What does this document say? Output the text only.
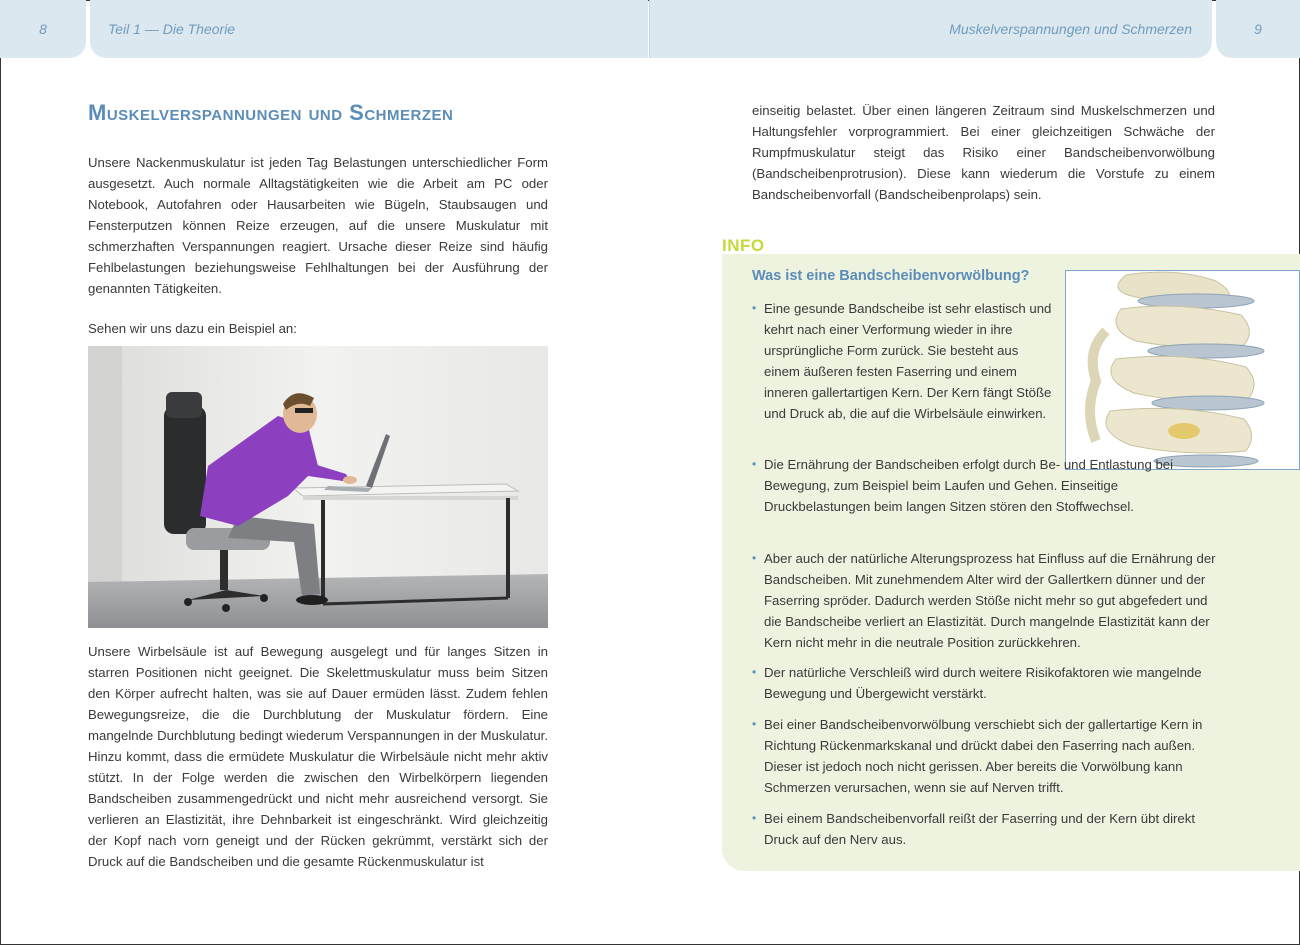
8	Teil 1 — Die Theorie	Muskelverspannungen und Schmerzen	9
Muskelverspannungen und Schmerzen
Unsere Nackenmuskulatur ist jeden Tag Belastungen unterschiedlicher Form ausgesetzt. Auch normale Alltagstätigkeiten wie die Arbeit am PC oder Notebook, Autofahren oder Hausarbeiten wie Bügeln, Staubsaugen und Fensterputzen können Reize erzeugen, auf die unsere Muskulatur mit schmerzhaften Verspannungen reagiert. Ursache dieser Reize sind häufig Fehlbelastungen beziehungsweise Fehlhaltungen bei der Ausführung der genannten Tätigkeiten.
Sehen wir uns dazu ein Beispiel an:
Unsere Wirbelsäule ist auf Bewegung ausgelegt und für langes Sitzen in starren Positionen nicht geeignet. Die Skelettmuskulatur muss beim Sitzen den Körper aufrecht halten, was sie auf Dauer ermüden lässt. Zudem fehlen Bewegungsreize, die die Durchblutung der Muskulatur fördern. Eine mangelnde Durchblutung bedingt wiederum Verspannungen in der Muskulatur. Hinzu kommt, dass die ermüdete Muskulatur die Wirbelsäule nicht mehr aktiv stützt. In der Folge werden die zwischen den Wirbelkörpern liegenden Bandscheiben zusammengedrückt und nicht mehr ausreichend versorgt. Sie verlieren an Elastizität, ihre Dehnbarkeit ist eingeschränkt. Wird gleichzeitig der Kopf nach vorn geneigt und der Rücken gekrümmt, verstärkt sich der Druck auf die Bandscheiben und die gesamte Rückenmuskulatur ist
einseitig belastet. Über einen längeren Zeitraum sind Muskelschmerzen und Haltungsfehler vorprogrammiert. Bei einer gleichzeitigen Schwäche der Rumpfmuskulatur steigt das Risiko einer Bandscheibenvorwölbung (Bandscheibenprotrusion). Diese kann wiederum die Vorstufe zu einem Bandscheibenvorfall (Bandscheibenprolaps) sein.
INFO
Was ist eine Bandscheibenvorwölbung?
• Eine gesunde Bandscheibe ist sehr elastisch und kehrt nach einer Verformung wieder in ihre ursprüngliche Form zurück. Sie besteht aus einem äußeren festen Faserring und einem inneren gallertartigen Kern. Der Kern fängt Stöße und Druck ab, die auf die Wirbelsäule einwirken.
• Die Ernährung der Bandscheiben erfolgt durch Be- und Entlastung bei Bewegung, zum Beispiel beim Laufen und Gehen. Einseitige Druckbelastungen beim langen Sitzen stören den Stoffwechsel.
• Aber auch der natürliche Alterungsprozess hat Einfluss auf die Ernährung der Bandscheiben. Mit zunehmendem Alter wird der Gallertkern dünner und der Faserring spröder. Dadurch werden Stöße nicht mehr so gut abgefedert und die Bandscheibe verliert an Elastizität. Durch mangelnde Elastizität kann der Kern nicht mehr in die neutrale Position zurückkehren.
• Der natürliche Verschleiß wird durch weitere Risikofaktoren wie mangelnde Bewegung und Übergewicht verstärkt.
• Bei einer Bandscheibenvorwölbung verschiebt sich der gallertartige Kern in Richtung Rückenmarkskanal und drückt dabei den Faserring nach außen. Dieser ist jedoch noch nicht gerissen. Aber bereits die Vorwölbung kann Schmerzen verursachen, wenn sie auf Nerven trifft.
• Bei einem Bandscheibenvorfall reißt der Faserring und der Kern übt direkt Druck auf den Nerv aus.
